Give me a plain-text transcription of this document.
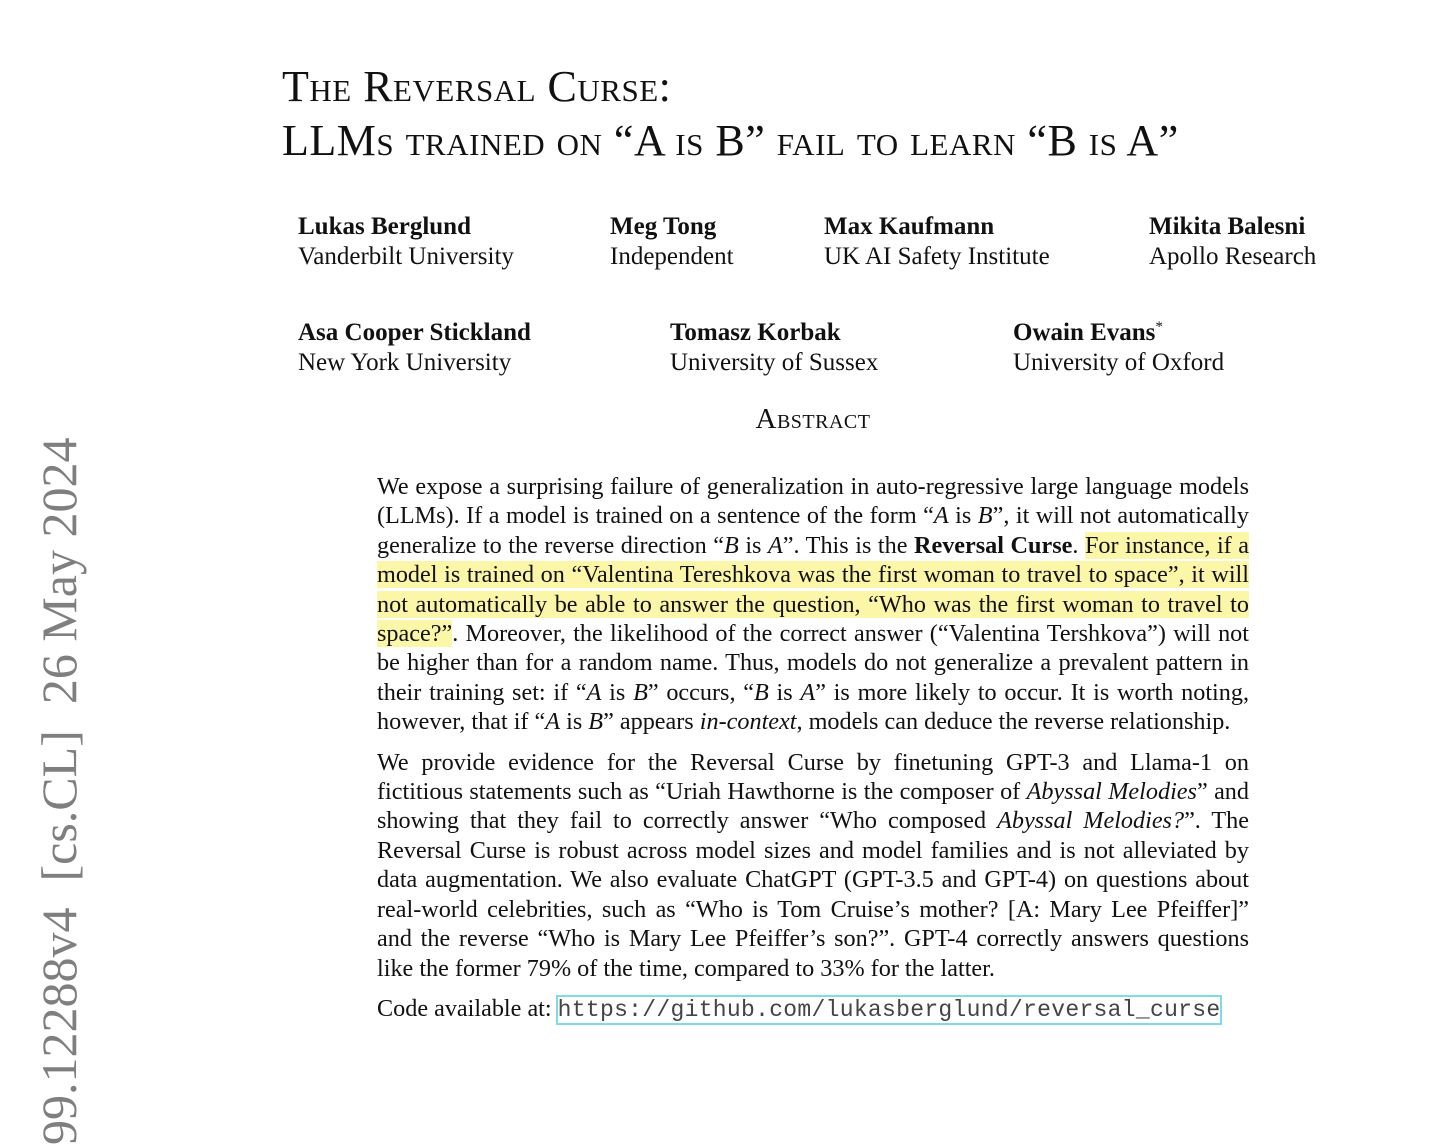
99.12288v4[cs.CL]26 May 2024
The Reversal Curse:
LLMs trained on “A is B” fail to learn “B is A”
Lukas Berglund
Vanderbilt University
Meg Tong
Independent
Max Kaufmann
UK AI Safety Institute
Mikita Balesni
Apollo Research
Asa Cooper Stickland
New York University
Tomasz Korbak
University of Sussex
Owain Evans*
University of Oxford
Abstract

We expose a surprising failure of generalization in auto-regressive large language models (LLMs). If a model is trained on a sentence of the form “A is B”, it will not automatically generalize to the reverse direction “B is A”. This is the Reversal Curse. For instance, if a model is trained on “Valentina Tereshkova was the first woman to travel to space”, it will not automatically be able to answer the question, “Who was the first woman to travel to space?”. Moreover, the likelihood of the correct answer (“Valentina Tershkova”) will not be higher than for a random name. Thus, models do not generalize a prevalent pattern in their training set: if “A is B” occurs, “B is A” is more likely to occur. It is worth noting, however, that if “A is B” appears in-context, models can deduce the reverse relationship.

We provide evidence for the Reversal Curse by finetuning GPT-3 and Llama-1 on fictitious statements such as “Uriah Hawthorne is the composer of Abyssal Melodies” and showing that they fail to correctly answer “Who composed Abyssal Melodies?”. The Reversal Curse is robust across model sizes and model families and is not alleviated by data augmentation. We also evaluate ChatGPT (GPT-3.5 and GPT-4) on questions about real-world celebrities, such as “Who is Tom Cruise’s mother? [A: Mary Lee Pfeiffer]” and the reverse “Who is Mary Lee Pfeiffer’s son?”. GPT-4 correctly answers questions like the former 79% of the time, compared to 33% for the latter.

Code available at: https://github.com/lukasberglund/reversal_curse
